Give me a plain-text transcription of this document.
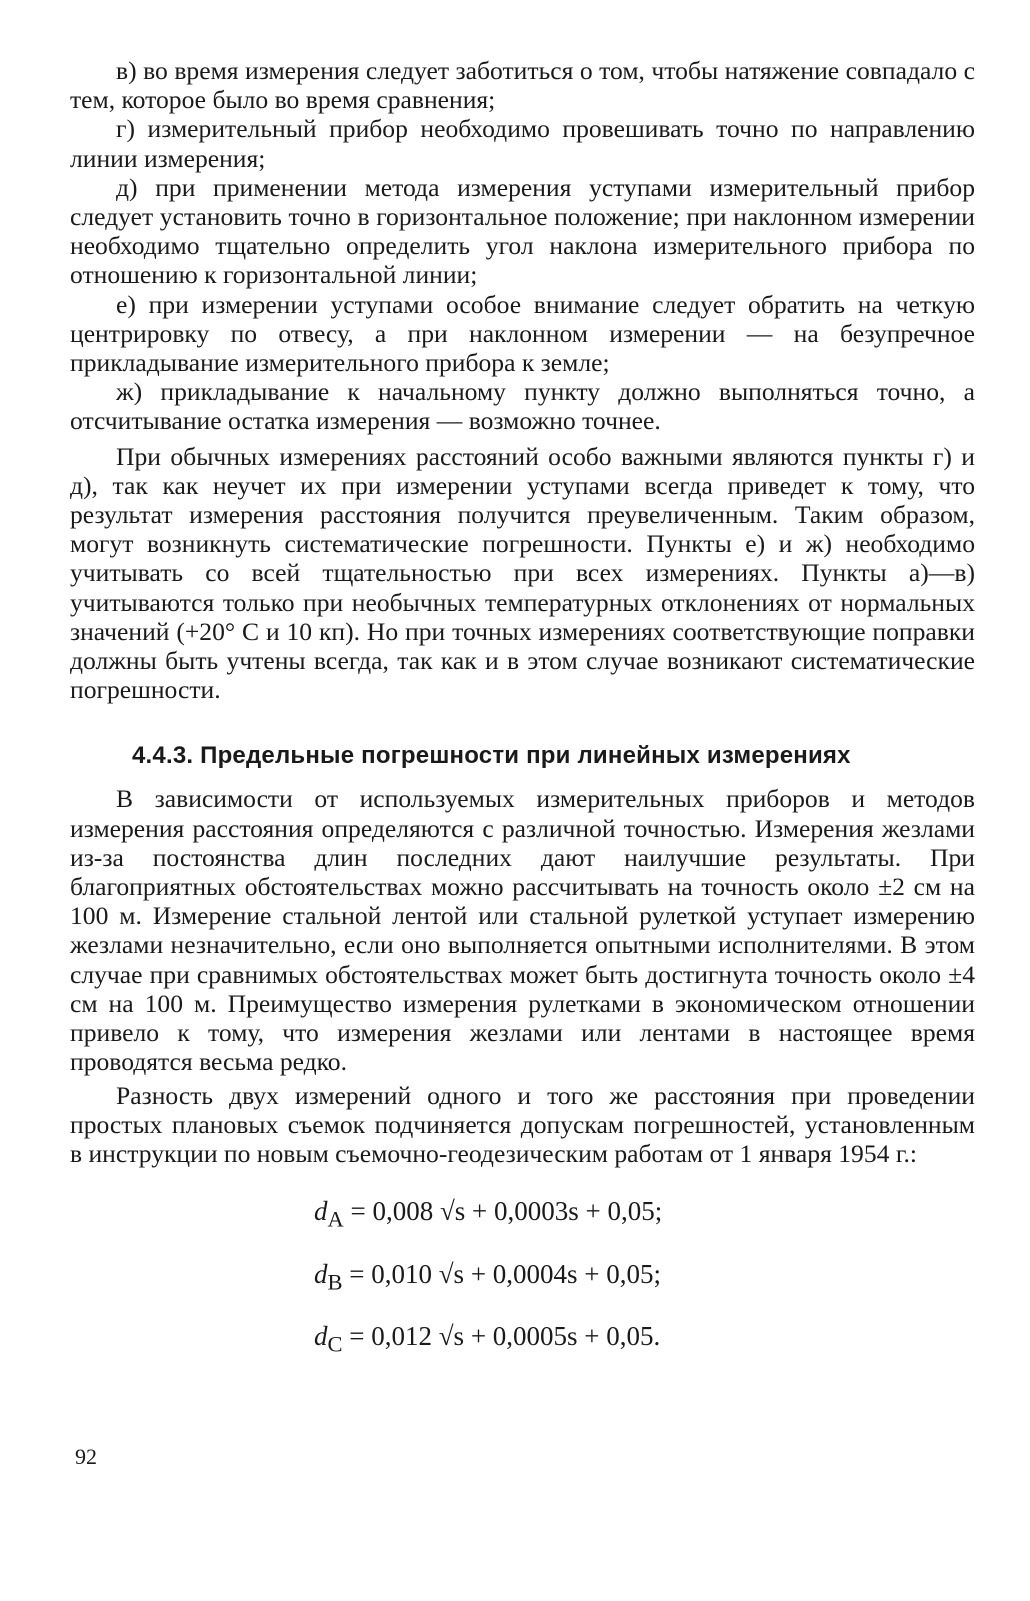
в) во время измерения следует заботиться о том, чтобы натяжение совпадало с тем, которое было во время сравнения;

г) измерительный прибор необходимо провешивать точно по направлению линии измерения;

д) при применении метода измерения уступами измерительный прибор следует установить точно в горизонтальное положение; при наклонном измерении необходимо тщательно определить угол наклона измерительного прибора по отношению к горизонтальной линии;

е) при измерении уступами особое внимание следует обратить на четкую центрировку по отвесу, а при наклонном измерении — на безупречное прикладывание измерительного прибора к земле;

ж) прикладывание к начальному пункту должно выполняться точно, а отсчитывание остатка измерения — возможно точнее.

При обычных измерениях расстояний особо важными являются пункты г) и д), так как неучет их при измерении уступами всегда приведет к тому, что результат измерения расстояния получится преувеличенным. Таким образом, могут возникнуть систематические погрешности. Пункты е) и ж) необходимо учитывать со всей тщательностью при всех измерениях. Пункты а)—в) учитываются только при необычных температурных отклонениях от нормальных значений (+20° С и 10 кп). Но при точных измерениях соответствующие поправки должны быть учтены всегда, так как и в этом случае возникают систематические погрешности.

4.4.3. Предельные погрешности при линейных измерениях

В зависимости от используемых измерительных приборов и методов измерения расстояния определяются с различной точностью. Измерения жезлами из-за постоянства длин последних дают наилучшие результаты. При благоприятных обстоятельствах можно рассчитывать на точность около ±2 см на 100 м. Измерение стальной лентой или стальной рулеткой уступает измерению жезлами незначительно, если оно выполняется опытными исполнителями. В этом случае при сравнимых обстоятельствах может быть достигнута точность около ±4 см на 100 м. Преимущество измерения рулетками в экономическом отношении привело к тому, что измерения жезлами или лентами в настоящее время проводятся весьма редко.

Разность двух измерений одного и того же расстояния при проведении простых плановых съемок подчиняется допускам погрешностей, установленным в инструкции по новым съемочно-геодезическим работам от 1 января 1954 г.:

$d_A = 0,008$ √s + 0,0003s + 0,05;
$d_B = 0,010$ √s + 0,0004s + 0,05;
$d_C = 0,012$ √s + 0,0005s + 0,05.
92
